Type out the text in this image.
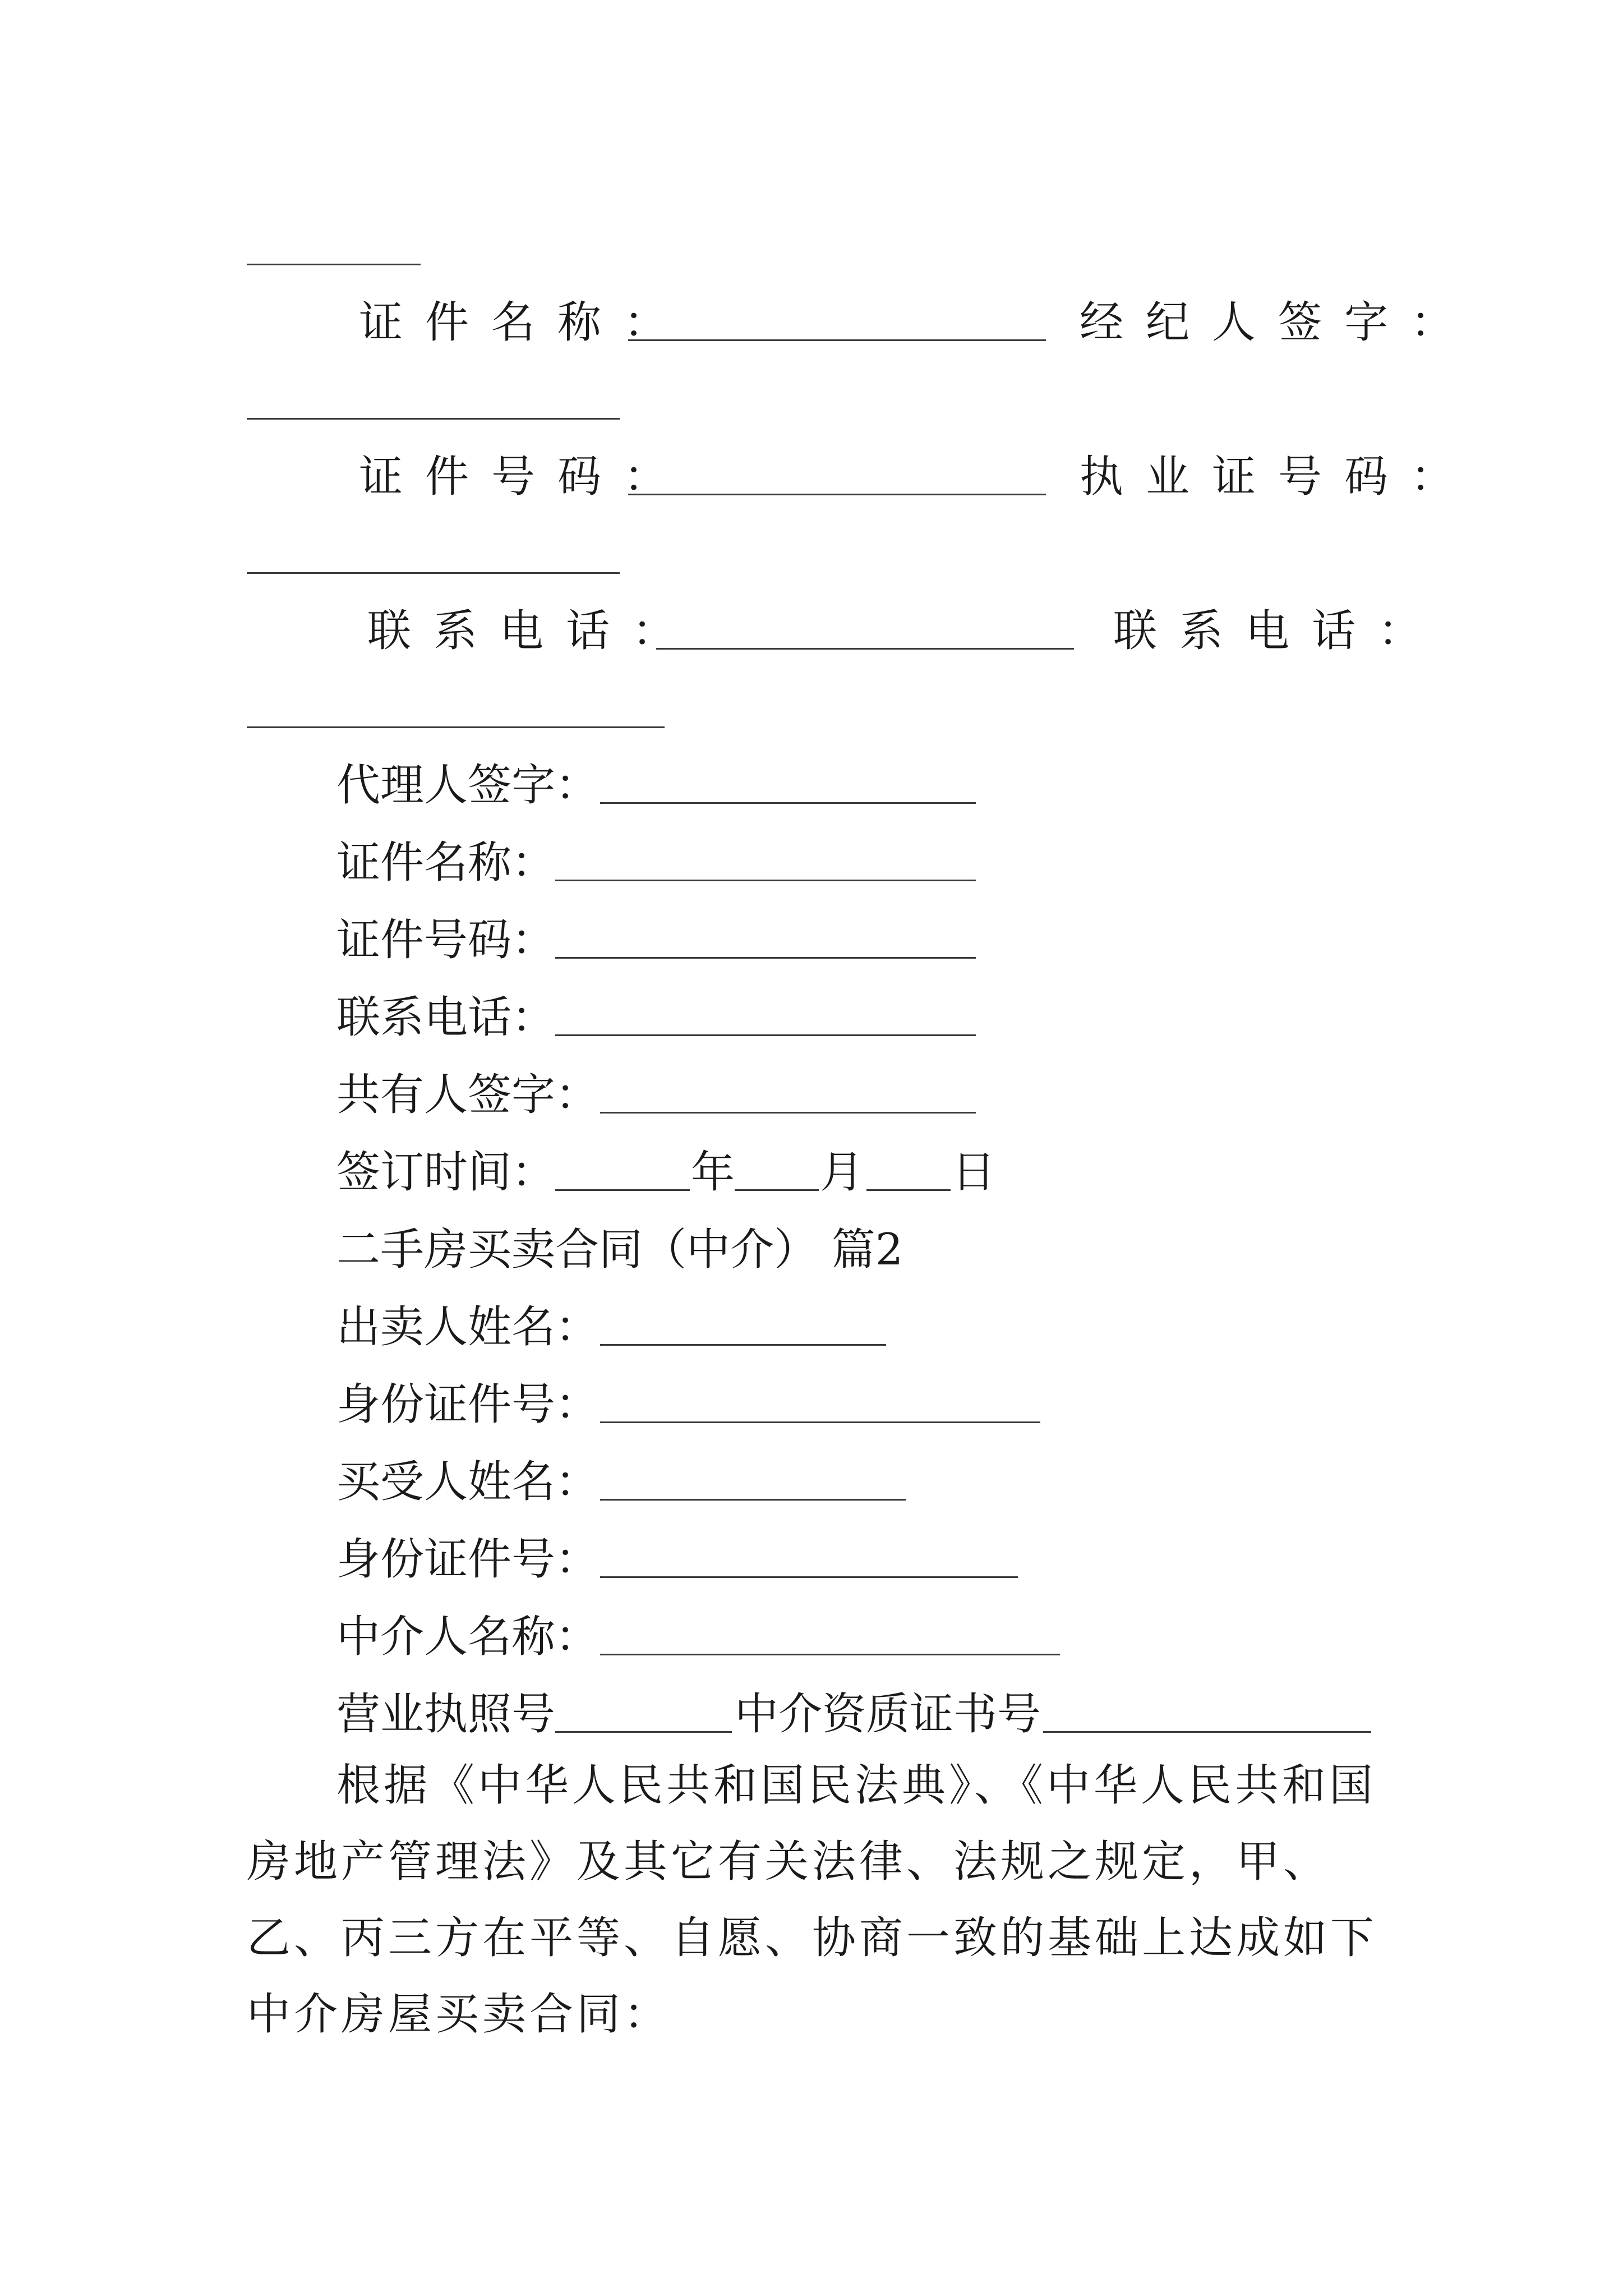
证件名称：	经纪人签字：
证件号码：	执业证号码：
联系电话：	联系电话：
代理人签字：
证件名称：
证件号码：
联系电话：
共有人签字：
签订时间：	年 月 日
二手房买卖合同（中介） 篇2
出卖人姓名：
身份证件号：
买受人姓名：
身份证件号：
中介人名称：
营业执照号	中介资质证书号
根据《中华人民共和国民法典》、《中华人民共和国房地产管理法》及其它有关法律、法规之规定，甲、乙、丙三方在平等、自愿、协商一致的基础上达成如下中介房屋买卖合同：
